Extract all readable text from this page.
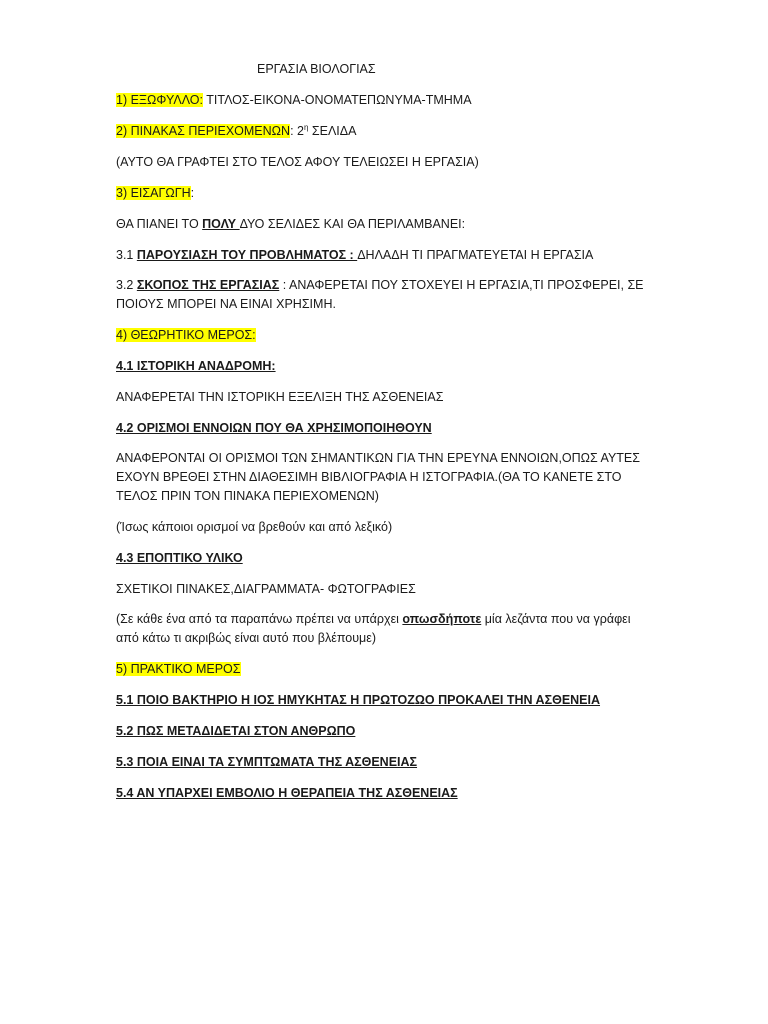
ΕΡΓΑΣΙΑ ΒΙΟΛΟΓΙΑΣ
1) ΕΞΩΦΥΛΛΟ: ΤΙΤΛΟΣ-ΕΙΚΟΝΑ-ΟΝΟΜΑΤΕΠΩΝΥΜΑ-ΤΜΗΜΑ
2) ΠΙΝΑΚΑΣ ΠΕΡΙΕΧΟΜΕΝΩΝ: $2^\eta$ ΣΕΛΙΔΑ
(ΑΥΤΟ ΘΑ ΓΡΑΦΤΕΙ ΣΤΟ ΤΕΛΟΣ ΑΦΟΥ ΤΕΛΕΙΩΣΕΙ Η ΕΡΓΑΣΙΑ)
3) ΕΙΣΑΓΩΓΗ:
ΘΑ ΠΙΑΝΕΙ ΤΟ ΠΟΛΥ ΔΥΟ ΣΕΛΙΔΕΣ ΚΑΙ ΘΑ ΠΕΡΙΛΑΜΒΑΝΕΙ:
3.1 ΠΑΡΟΥΣΙΑΣΗ ΤΟΥ ΠΡΟΒΛΗΜΑΤΟΣ : ΔΗΛΑΔΗ ΤΙ ΠΡΑΓΜΑΤΕΥΕΤΑΙ Η ΕΡΓΑΣΙΑ
3.2 ΣΚΟΠΟΣ ΤΗΣ ΕΡΓΑΣΙΑΣ : ΑΝΑΦΕΡΕΤΑΙ ΠΟΥ ΣΤΟΧΕΥΕΙ Η ΕΡΓΑΣΙΑ,ΤΙ ΠΡΟΣΦΕΡΕΙ, ΣΕ ΠΟΙΟΥΣ ΜΠΟΡΕΙ ΝΑ ΕΙΝΑΙ ΧΡΗΣΙΜΗ.
4) ΘΕΩΡΗΤΙΚΟ ΜΕΡΟΣ:
4.1 ΙΣΤΟΡΙΚΗ ΑΝΑΔΡΟΜΗ:
ΑΝΑΦΕΡΕΤΑΙ ΤΗΝ ΙΣΤΟΡΙΚΗ ΕΞΕΛΙΞΗ ΤΗΣ ΑΣΘΕΝΕΙΑΣ
4.2 ΟΡΙΣΜΟΙ ΕΝΝΟΙΩΝ ΠΟΥ ΘΑ ΧΡΗΣΙΜΟΠΟΙΗΘΟΥΝ
ΑΝΑΦΕΡΟΝΤΑΙ ΟΙ ΟΡΙΣΜΟΙ ΤΩΝ ΣΗΜΑΝΤΙΚΩΝ ΓΙΑ ΤΗΝ ΕΡΕΥΝΑ ΕΝΝΟΙΩΝ,ΟΠΩΣ ΑΥΤΕΣ ΕΧΟΥΝ ΒΡΕΘΕΙ ΣΤΗΝ ΔΙΑΘΕΣΙΜΗ ΒΙΒΛΙΟΓΡΑΦΙΑ Η ΙΣΤΟΓΡΑΦΙΑ.(ΘΑ ΤΟ ΚΑΝΕΤΕ ΣΤΟ ΤΕΛΟΣ ΠΡΙΝ ΤΟΝ ΠΙΝΑΚΑ ΠΕΡΙΕΧΟΜΕΝΩΝ)
(Ίσως κάποιοι ορισμοί να βρεθούν και από λεξικό)
4.3 ΕΠΟΠΤΙΚΟ ΥΛΙΚΟ
ΣΧΕΤΙΚΟΙ ΠΙΝΑΚΕΣ,ΔΙΑΓΡΑΜΜΑΤΑ- ΦΩΤΟΓΡΑΦΙΕΣ
(Σε κάθε ένα από τα παραπάνω πρέπει να υπάρχει οπωσδήποτε μία λεζάντα που να γράφει από κάτω τι ακριβώς είναι αυτό που βλέπουμε)
5) ΠΡΑΚΤΙΚΟ ΜΕΡΟΣ
5.1 ΠΟΙΟ ΒΑΚΤΗΡΙΟ Η ΙΟΣ ΗΜΥΚΗΤΑΣ Η ΠΡΩΤΟΖΩΟ ΠΡΟΚΑΛΕΙ ΤΗΝ ΑΣΘΕΝΕΙΑ
5.2 ΠΩΣ ΜΕΤΑΔΙΔΕΤΑΙ ΣΤΟΝ ΑΝΘΡΩΠΟ
5.3 ΠΟΙΑ ΕΙΝΑΙ ΤΑ ΣΥΜΠΤΩΜΑΤΑ ΤΗΣ ΑΣΘΕΝΕΙΑΣ
5.4 ΑΝ ΥΠΑΡΧΕΙ ΕΜΒΟΛΙΟ Η ΘΕΡΑΠΕΙΑ ΤΗΣ ΑΣΘΕΝΕΙΑΣ
